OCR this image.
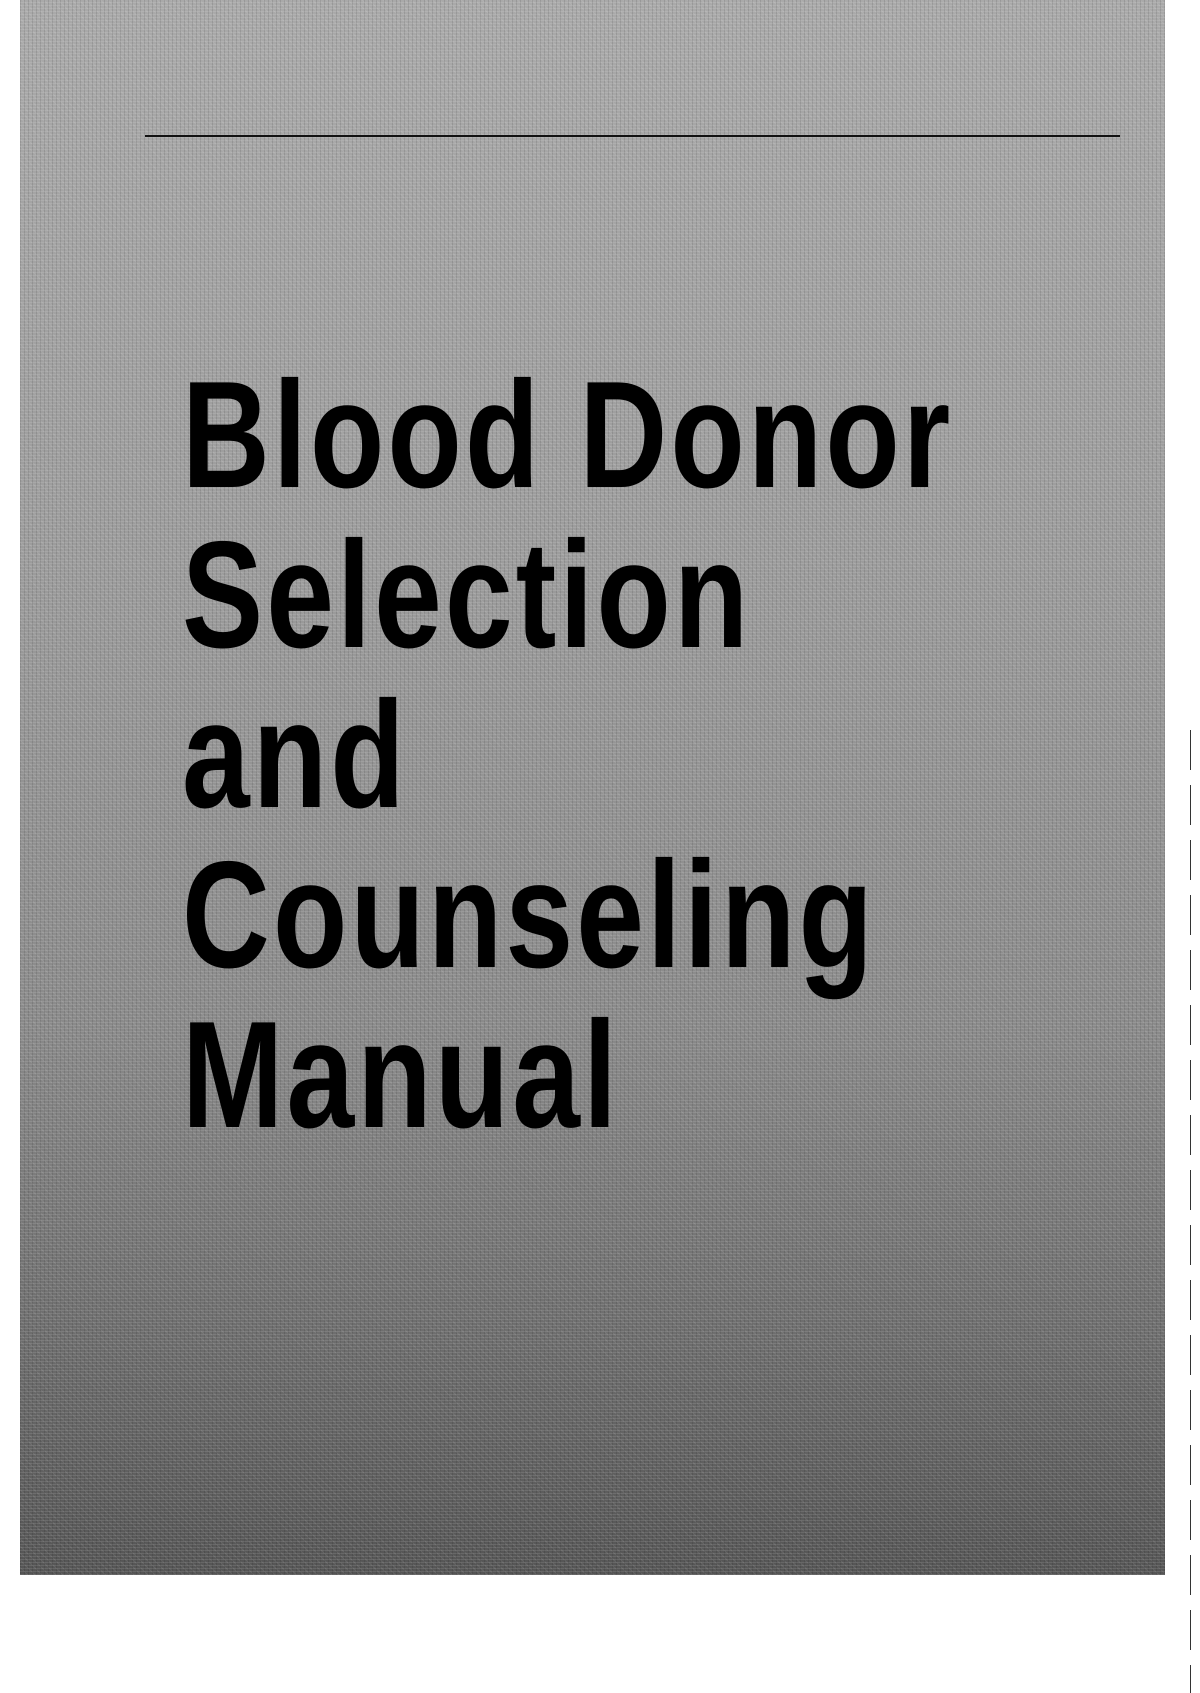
Blood Donor
Selection
and
Counseling
Manual
